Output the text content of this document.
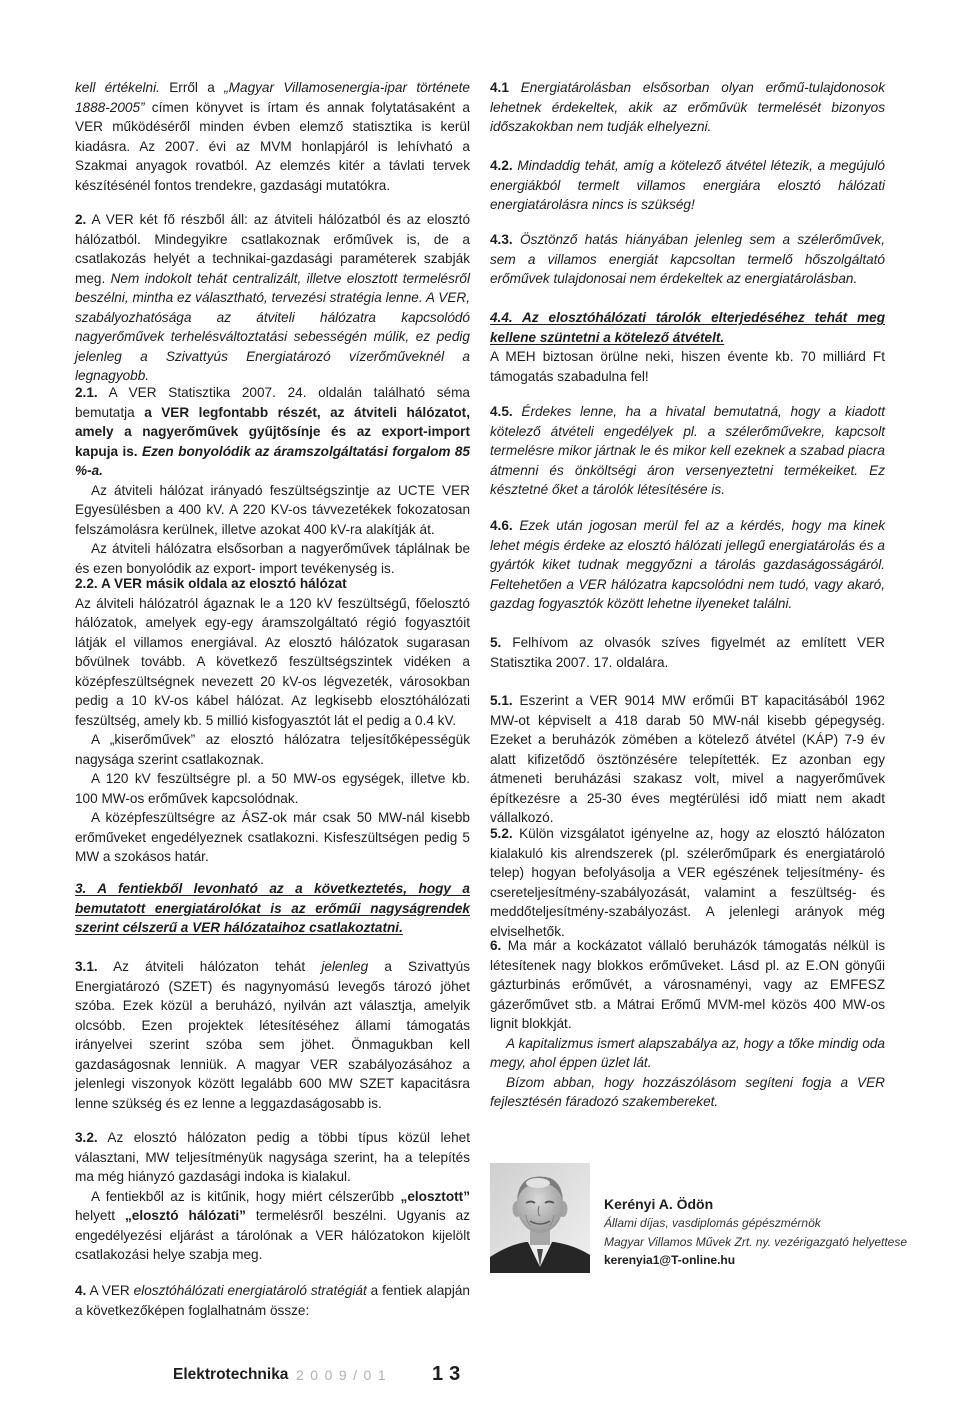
kell értékelni. Erről a „Magyar Villamosenergia-ipar története 1888-2005” címen könyvet is írtam és annak folytatásaként a VER működéséről minden évben elemző statisztika is kerül kiadásra. Az 2007. évi az MVM honlapjáról is lehívható a Szakmai anyagok rovatból. Az elemzés kitér a távlati tervek készítésénél fontos trendekre, gazdasági mutatókra.

2. A VER két fő részből áll: az átviteli hálózatból és az elosztó hálózatból. Mindegyikre csatlakoznak erőművek is, de a csatlakozás helyét a technikai-gazdasági paraméterek szabják meg. Nem indokolt tehát centralizált, illetve elosztott termelésről beszélni, mintha ez választható, tervezési stratégia lenne. A VER, szabályozhatósága az átviteli hálózatra kapcsolódó nagyerőművek terhelésváltoztatási sebességén múlik, ez pedig jelenleg a Szivattyús Energiatározó vízerőműveknél a legnagyobb.

2.1. A VER Statisztika 2007. 24. oldalán található séma bemutatja a VER legfontabb részét, az átviteli hálózatot, amely a nagyerőművek gyűjtősínje és az export-import kapuja is. Ezen bonyolódik az áramszolgáltatási forgalom 85 %-a.

Az átviteli hálózat irányadó feszültségszintje az UCTE VER Egyesülésben a 400 kV. A 220 KV-os távvezetékek fokozatosan felszámolásra kerülnek, illetve azokat 400 kV-ra alakítják át.

Az átviteli hálózatra elsősorban a nagyerőművek táplálnak be és ezen bonyolódik az export- import tevékenység is.

2.2. A VER másik oldala az elosztó hálózat

Az álviteli hálózatról ágaznak le a 120 kV feszültségű, főelosztó hálózatok, amelyek egy-egy áramszolgáltató régió fogyasztóit látják el villamos energiával. Az elosztó hálózatok sugarasan bővülnek tovább. A következő feszültségszintek vidéken a középfeszültségnek nevezett 20 kV-os légvezeték, városokban pedig a 10 kV-os kábel hálózat. Az legkisebb elosztóhálózati feszültség, amely kb. 5 millió kisfogyasztót lát el pedig a 0.4 kV.

A „kiserőművek” az elosztó hálózatra teljesítőképességük nagysága szerint csatlakoznak.

A 120 kV feszültségre pl. a 50 MW-os egységek, illetve kb. 100 MW-os erőművek kapcsolódnak.

A középfeszültségre az ÁSZ-ok már csak 50 MW-nál kisebb erőműveket engedélyeznek csatlakozni. Kisfeszültségen pedig 5 MW a szokásos határ.

3. A fentiekből levonható az a következtetés, hogy a bemutatott energiatárolókat is az erőműi nagyságrendek szerint célszerű a VER hálózataihoz csatlakoztatni.

3.1. Az átviteli hálózaton tehát jelenleg a Szivattyús Energiatározó (SZET) és nagynyomású levegős tározó jöhet szóba. Ezek közül a beruházó, nyilván azt választja, amelyik olcsóbb. Ezen projektek létesítéséhez állami támogatás irányelvei szerint szóba sem jöhet. Önmagukban kell gazdaságosnak lenniük. A magyar VER szabályozásához a jelenlegi viszonyok között legalább 600 MW SZET kapacitásra lenne szükség és ez lenne a leggazdaságosabb is.

3.2. Az elosztó hálózaton pedig a többi típus közül lehet választani, MW teljesítményük nagysága szerint, ha a telepítés ma még hiányzó gazdasági indoka is kialakul.

A fentiekből az is kitűnik, hogy miért célszerűbb „elosztott” helyett „elosztó hálózati” termelésről beszélni. Ugyanis az engedélyezési eljárást a tárolónak a VER hálózatokon kijelölt csatlakozási helye szabja meg.

4. A VER elosztóhálózati energiatároló stratégiát a fentiek alapján a következőképen foglalhatnám össze:

4.1 Energiatárolásban elsősorban olyan erőmű-tulajdonosok lehetnek érdekeltek, akik az erőművük termelését bizonyos időszakokban nem tudják elhelyezni.

4.2. Mindaddig tehát, amíg a kötelező átvétel létezik, a megújuló energiákból termelt villamos energiára elosztó hálózati energiatárolásra nincs is szükség!

4.3. Ösztönző hatás hiányában jelenleg sem a szélerőművek, sem a villamos energiát kapcsoltan termelő hőszolgáltató erőművek tulajdonosai nem érdekeltek az energiatárolásban.

4.4. Az elosztóhálózati tárolók elterjedéséhez tehát meg kellene szüntetni a kötelező átvételt.

A MEH biztosan örülne neki, hiszen évente kb. 70 milliárd Ft támogatás szabadulna fel!

4.5. Érdekes lenne, ha a hivatal bemutatná, hogy a kiadott kötelező átvételi engedélyek pl. a szélerőművekre, kapcsolt termelésre mikor jártnak le és mikor kell ezeknek a szabad piacra átmenni és önköltségi áron versenyeztetni termékeiket. Ez késztetné őket a tárolók létesítésére is.

4.6. Ezek után jogosan merül fel az a kérdés, hogy ma kinek lehet mégis érdeke az elosztó hálózati jellegű energiatárolás és a gyártók kiket tudnak meggyőzni a tárolás gazdaságosságáról. Feltehetően a VER hálózatra kapcsolódni nem tudó, vagy akaró, gazdag fogyasztók között lehetne ilyeneket találni.

5. Felhívom az olvasók szíves figyelmét az említett VER Statisztika 2007. 17. oldalára.

5.1. Eszerint a VER 9014 MW erőműi BT kapacitásából 1962 MW-ot képviselt a 418 darab 50 MW-nál kisebb gépegység. Ezeket a beruházók zömében a kötelező átvétel (KÁP) 7-9 év alatt kifizetődő ösztönzésére telepítették. Ez azonban egy átmeneti beruházási szakasz volt, mivel a nagyerőművek építkezésre a 25-30 éves megtérülési idő miatt nem akadt vállalkozó.

5.2. Külön vizsgálatot igényelne az, hogy az elosztó hálózaton kialakuló kis alrendszerek (pl. szélerőműpark és energiatároló telep) hogyan befolyásolja a VER egészének teljesítmény- és csereteljesítmény-szabályozását, valamint a feszültség- és meddőteljesítmény-szabályozást. A jelenlegi arányok még elviselhetők.

6. Ma már a kockázatot vállaló beruházók támogatás nélkül is létesítenek nagy blokkos erőműveket. Lásd pl. az E.ON gönyűi gázturbinás erőművét, a városnaményi, vagy az EMFESZ gázerőművet stb. a Mátrai Erőmű MVM-mel közös 400 MW-os lignit blokkját.

A kapitalizmus ismert alapszabálya az, hogy a tőke mindig oda megy, ahol éppen üzlet lát.

Bízom abban, hogy hozzászólásom segíteni fogja a VER fejlesztésén fáradozó szakembereket.

Kerényi A. Ödön
Állami díjas, vasdiplomás gépészmérnök
Magyar Villamos Művek Zrt. ny. vezérigazgató helyettese
kerenyia1@T-online.hu
Elektrotechnika 2009/01 13
